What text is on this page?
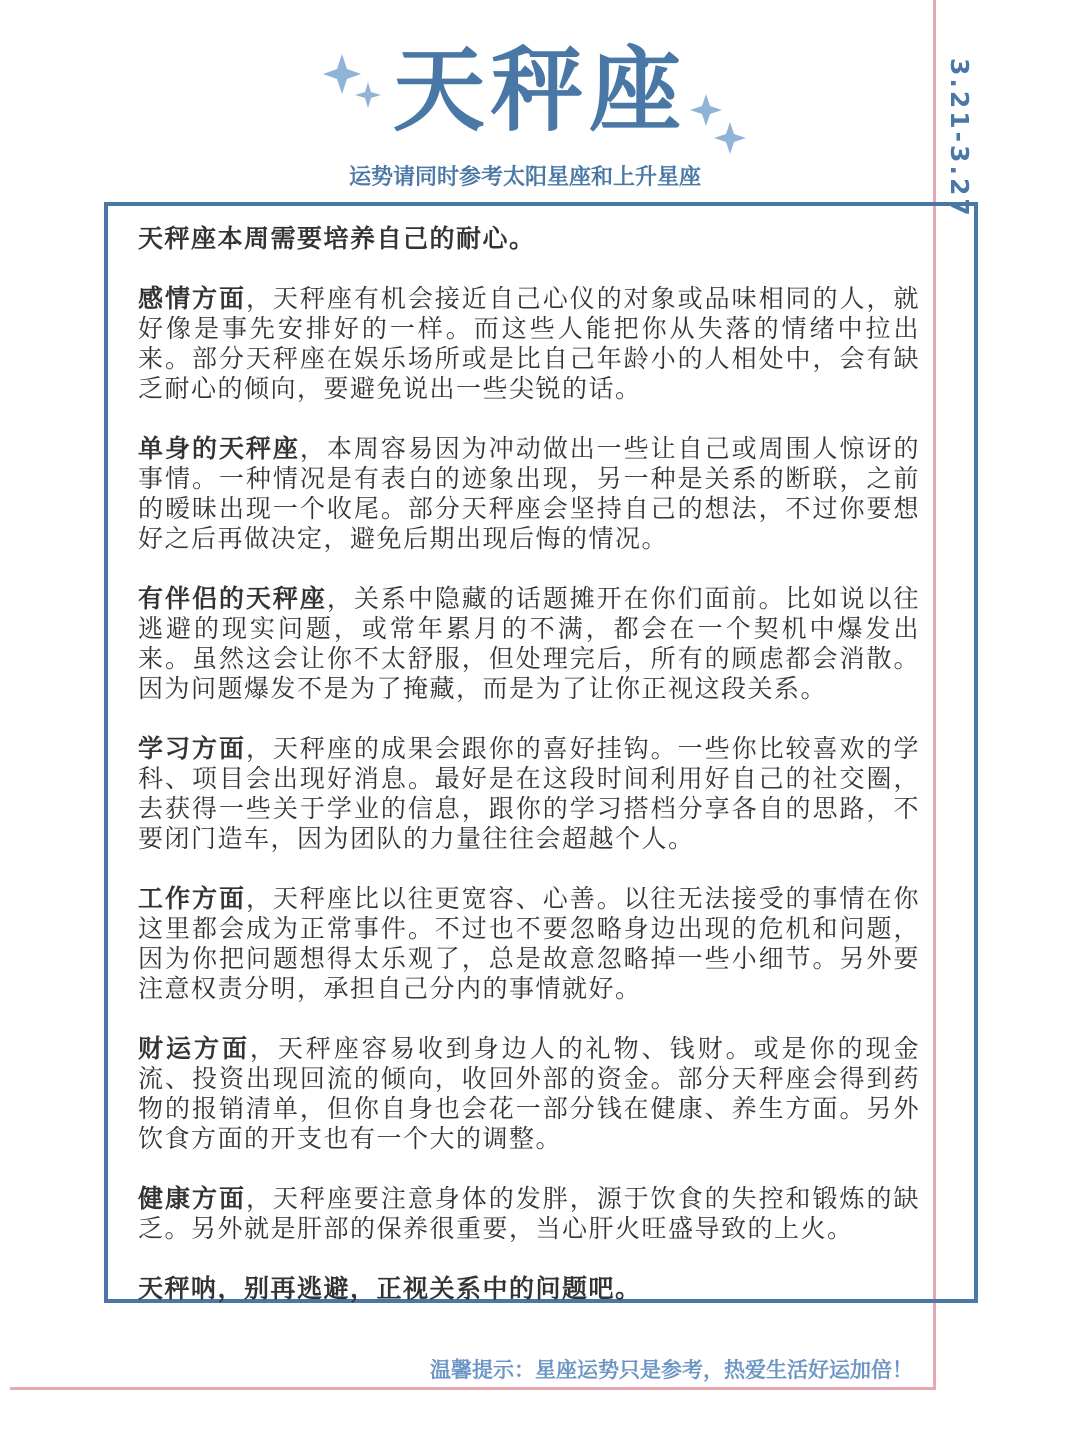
天秤座
运势请同时参考太阳星座和上升星座	3.21-3.27

天秤座本周需要培养自己的耐心。

感情方面，天秤座有机会接近自己心仪的对象或品味相同的人，就好像是事先安排好的一样。而这些人能把你从失落的情绪中拉出来。部分天秤座在娱乐场所或是比自己年龄小的人相处中，会有缺乏耐心的倾向，要避免说出一些尖锐的话。

单身的天秤座，本周容易因为冲动做出一些让自己或周围人惊讶的事情。一种情况是有表白的迹象出现，另一种是关系的断联，之前的暧昧出现一个收尾。部分天秤座会坚持自己的想法，不过你要想好之后再做决定，避免后期出现后悔的情况。

有伴侣的天秤座，关系中隐藏的话题摊开在你们面前。比如说以往逃避的现实问题，或常年累月的不满，都会在一个契机中爆发出来。虽然这会让你不太舒服，但处理完后，所有的顾虑都会消散。因为问题爆发不是为了掩藏，而是为了让你正视这段关系。

学习方面，天秤座的成果会跟你的喜好挂钩。一些你比较喜欢的学科、项目会出现好消息。最好是在这段时间利用好自己的社交圈，去获得一些关于学业的信息，跟你的学习搭档分享各自的思路，不要闭门造车，因为团队的力量往往会超越个人。

工作方面，天秤座比以往更宽容、心善。以往无法接受的事情在你这里都会成为正常事件。不过也不要忽略身边出现的危机和问题，因为你把问题想得太乐观了，总是故意忽略掉一些小细节。另外要注意权责分明，承担自己分内的事情就好。

财运方面，天秤座容易收到身边人的礼物、钱财。或是你的现金流、投资出现回流的倾向，收回外部的资金。部分天秤座会得到药物的报销清单，但你自身也会花一部分钱在健康、养生方面。另外饮食方面的开支也有一个大的调整。

健康方面，天秤座要注意身体的发胖，源于饮食的失控和锻炼的缺乏。另外就是肝部的保养很重要，当心肝火旺盛导致的上火。

天秤呐，别再逃避，正视关系中的问题吧。

温馨提示：星座运势只是参考，热爱生活好运加倍！
